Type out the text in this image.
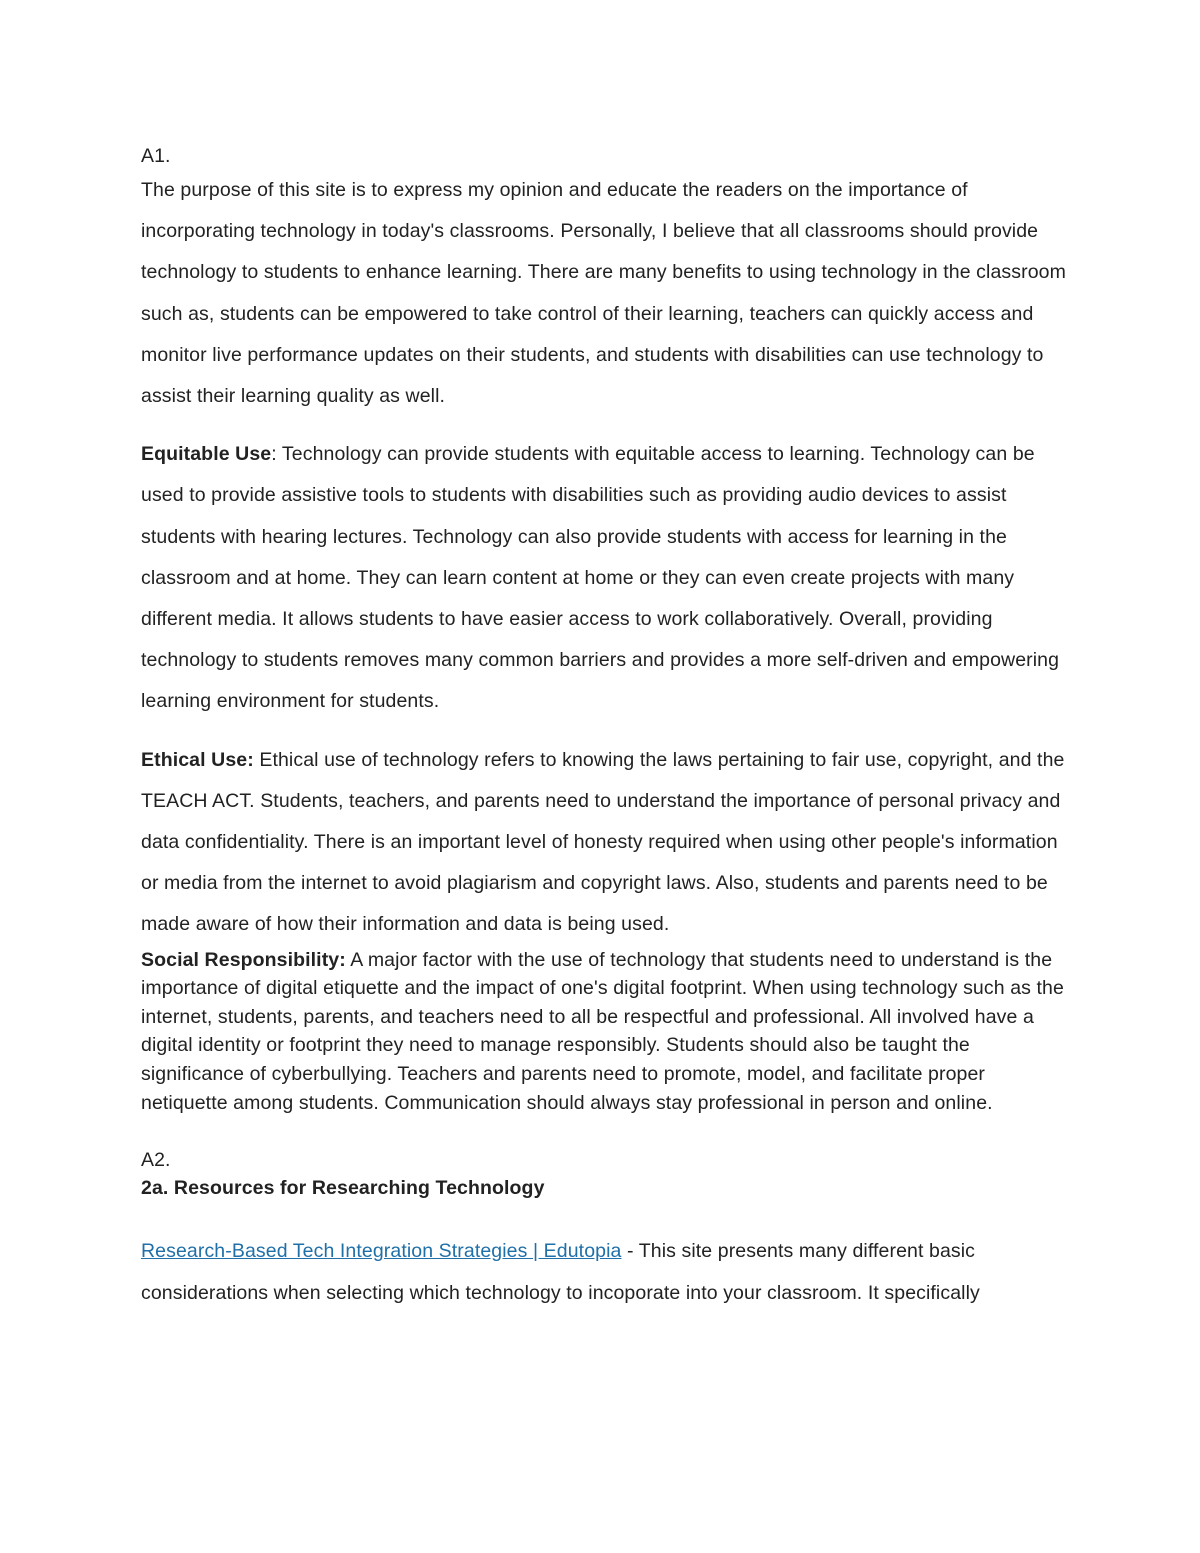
A1.

The purpose of this site is to express my opinion and educate the readers on the importance of incorporating technology in today's classrooms. Personally, I believe that all classrooms should provide technology to students to enhance learning. There are many benefits to using technology in the classroom such as, students can be empowered to take control of their learning, teachers can quickly access and monitor live performance updates on their students, and students with disabilities can use technology to assist their learning quality as well.

Equitable Use: Technology can provide students with equitable access to learning. Technology can be used to provide assistive tools to students with disabilities such as providing audio devices to assist students with hearing lectures. Technology can also provide students with access for learning in the classroom and at home. They can learn content at home or they can even create projects with many different media. It allows students to have easier access to work collaboratively. Overall, providing technology to students removes many common barriers and provides a more self-driven and empowering learning environment for students.

Ethical Use: Ethical use of technology refers to knowing the laws pertaining to fair use, copyright, and the TEACH ACT. Students, teachers, and parents need to understand the importance of personal privacy and data confidentiality. There is an important level of honesty required when using other people's information or media from the internet to avoid plagiarism and copyright laws. Also, students and parents need to be made aware of how their information and data is being used.

Social Responsibility: A major factor with the use of technology that students need to understand is the importance of digital etiquette and the impact of one's digital footprint. When using technology such as the internet, students, parents, and teachers need to all be respectful and professional. All involved have a digital identity or footprint they need to manage responsibly. Students should also be taught the significance of cyberbullying. Teachers and parents need to promote, model, and facilitate proper netiquette among students. Communication should always stay professional in person and online.

A2.
2a. Resources for Researching Technology

Research-Based Tech Integration Strategies | Edutopia - This site presents many different basic considerations when selecting which technology to incoporate into your classroom. It specifically
